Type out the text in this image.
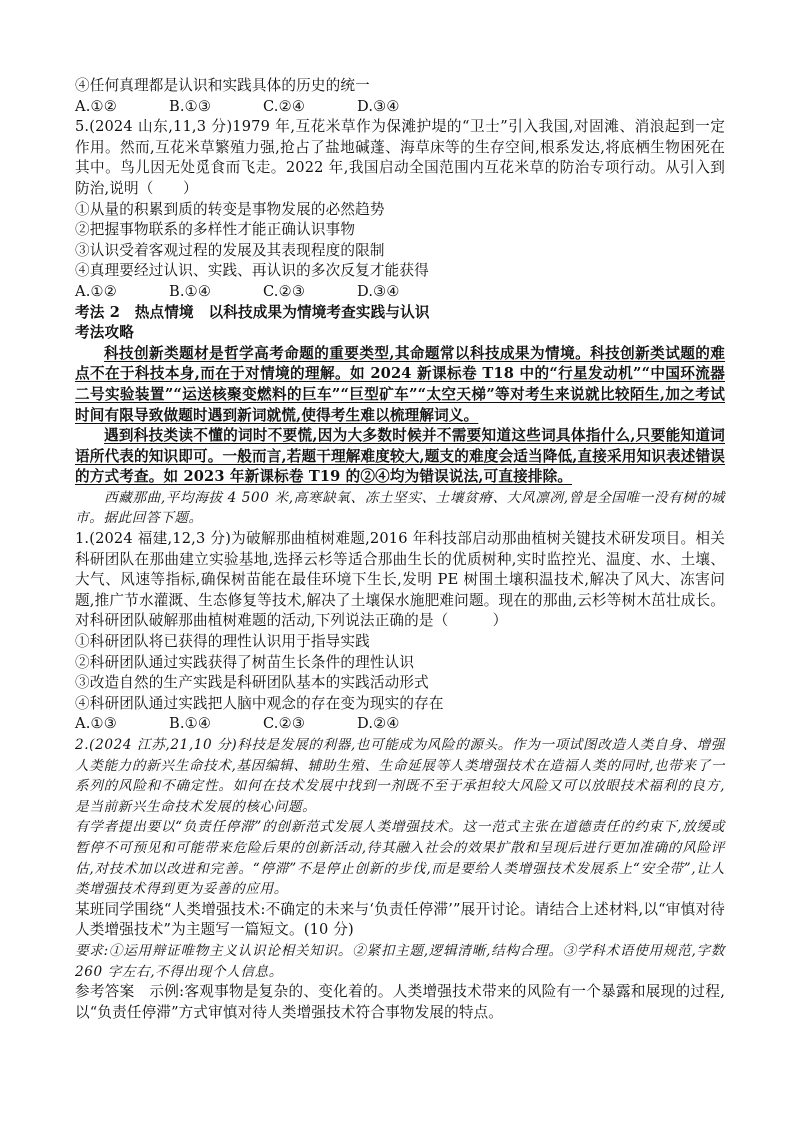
④任何真理都是认识和实践具体的历史的统一
A.①②	B.①③	C.②④	D.③④
5.(2024 山东,11,3 分)1979 年,互花米草作为保滩护堤的“卫士”引入我国,对固滩、消浪起到一定作用。然而,互花米草繁殖力强,抢占了盐地碱蓬、海草床等的生存空间,根系发达,将底栖生物困死在其中。鸟儿因无处觅食而飞走。2022 年,我国启动全国范围内互花米草的防治专项行动。从引入到防治,说明（　　）
①从量的积累到质的转变是事物发展的必然趋势
②把握事物联系的多样性才能正确认识事物
③认识受着客观过程的发展及其表现程度的限制
④真理要经过认识、实践、再认识的多次反复才能获得
A.①②	B.①④	C.②③	D.③④
考法 2　热点情境　以科技成果为情境考查实践与认识
考法攻略
科技创新类题材是哲学高考命题的重要类型,其命题常以科技成果为情境。科技创新类试题的难点不在于科技本身,而在于对情境的理解。如 2024 新课标卷 T18 中的“行星发动机”“中国环流器二号实验装置”“运送核聚变燃料的巨车”“巨型矿车”“太空天梯”等对考生来说就比较陌生,加之考试时间有限导致做题时遇到新词就慌,使得考生难以梳理解词义。
遇到科技类读不懂的词时不要慌,因为大多数时候并不需要知道这些词具体指什么,只要能知道词语所代表的知识即可。一般而言,若题干理解难度较大,题支的难度会适当降低,直接采用知识表述错误的方式考查。如 2023 年新课标卷 T19 的②④均为错误说法,可直接排除。
西藏那曲,平均海拔 4 500 米,高寒缺氧、冻土坚实、土壤贫瘠、大风凛冽,曾是全国唯一没有树的城市。据此回答下题。
1.(2024 福建,12,3 分)为破解那曲植树难题,2016 年科技部启动那曲植树关键技术研发项目。相关科研团队在那曲建立实验基地,选择云杉等适合那曲生长的优质树种,实时监控光、温度、水、土壤、大气、风速等指标,确保树苗能在最佳环境下生长,发明 PE 树围土壤积温技术,解决了风大、冻害问题,推广节水灌溉、生态修复等技术,解决了土壤保水施肥难问题。现在的那曲,云杉等树木茁壮成长。对科研团队破解那曲植树难题的活动,下列说法正确的是（　　　）
①科研团队将已获得的理性认识用于指导实践
②科研团队通过实践获得了树苗生长条件的理性认识
③改造自然的生产实践是科研团队基本的实践活动形式
④科研团队通过实践把人脑中观念的存在变为现实的存在
A.①③	B.①④	C.②③	D.②④
2.(2024 江苏,21,10 分)科技是发展的利器,也可能成为风险的源头。作为一项试图改造人类自身、增强人类能力的新兴生命技术,基因编辑、辅助生殖、生命延展等人类增强技术在造福人类的同时,也带来了一系列的风险和不确定性。如何在技术发展中找到一剂既不至于承担较大风险又可以放眼技术福利的良方,是当前新兴生命技术发展的核心问题。
有学者提出要以“负责任停滞”的创新范式发展人类增强技术。这一范式主张在道德责任的约束下,放缓或暂停不可预见和可能带来危险后果的创新活动,待其融入社会的效果扩散和呈现后进行更加准确的风险评估,对技术加以改进和完善。“停滞”不是停止创新的步伐,而是要给人类增强技术发展系上“安全带”,让人类增强技术得到更为妥善的应用。
某班同学围绕“人类增强技术:不确定的未来与‘负责任停滞’”展开讨论。请结合上述材料,以“审慎对待人类增强技术”为主题写一篇短文。(10 分)
要求:①运用辩证唯物主义认识论相关知识。②紧扣主题,逻辑清晰,结构合理。③学科术语使用规范,字数 260 字左右,不得出现个人信息。
参考答案 示例:客观事物是复杂的、变化着的。人类增强技术带来的风险有一个暴露和展现的过程,以“负责任停滞”方式审慎对待人类增强技术符合事物发展的特点。
